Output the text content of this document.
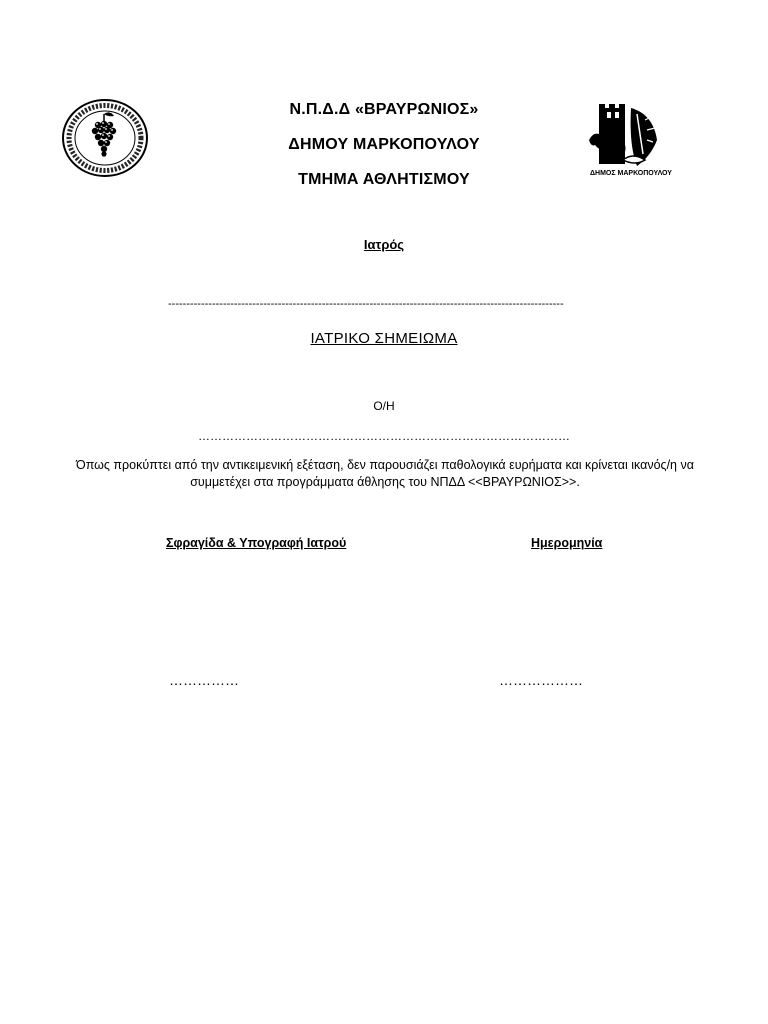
Ν.Π.Δ.Δ «ΒΡΑΥΡΩΝΙΟΣ»
ΔΗΜΟΥ ΜΑΡΚΟΠΟΥΛΟΥ
ΤΜΗΜΑ ΑΘΛΗΤΙΣΜΟΥ	ΔΗΜΟΣ ΜΑΡΚΟΠΟΥΛΟΥ
Ιατρός
------------------------------------------------------------------------------------------------------------
ΙΑΤΡΙΚΟ ΣΗΜΕΙΩΜΑ
Ο/Η
…………………………………………………………………………………
Όπως προκύπτει από την αντικειμενική εξέταση, δεν παρουσιάζει παθολογικά ευρήματα και κρίνεται ικανός/η να συμμετέχει στα προγράμματα άθλησης του ΝΠΔΔ <<ΒΡΑΥΡΩΝΙΟΣ>>.
Σφραγίδα & Υπογραφή Ιατρού	Ημερομηνία
……………	………………
